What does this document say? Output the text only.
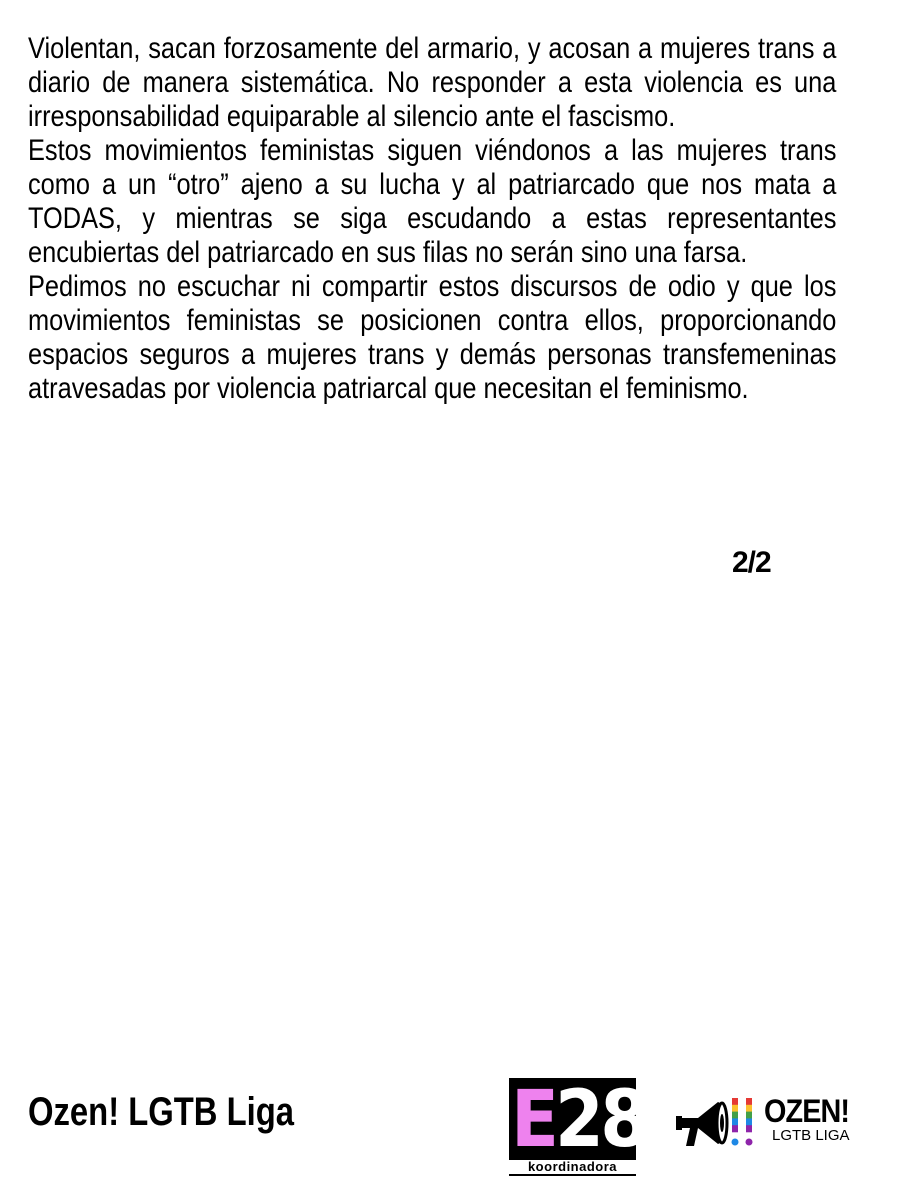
Violentan, sacan forzosamente del armario, y acosan a mujeres trans a diario de manera sistemática. No responder a esta violencia es una irresponsabilidad equiparable al silencio ante el fascismo.

Estos movimientos feministas siguen viéndonos a las mujeres trans como a un “otro” ajeno a su lucha y al patriarcado que nos mata a TODAS, y mientras se siga escudando a estas representantes encubiertas del patriarcado en sus filas no serán sino una farsa.

Pedimos no escuchar ni compartir estos discursos de odio y que los movimientos feministas se posicionen contra ellos, proporcionando espacios seguros a mujeres trans y demás personas transfemeninas atravesadas por violencia patriarcal que necesitan el feminismo.

2/2
Ozen! LGTB Liga	E
28
koordinadora
OZEN!
LGTB LIGA
